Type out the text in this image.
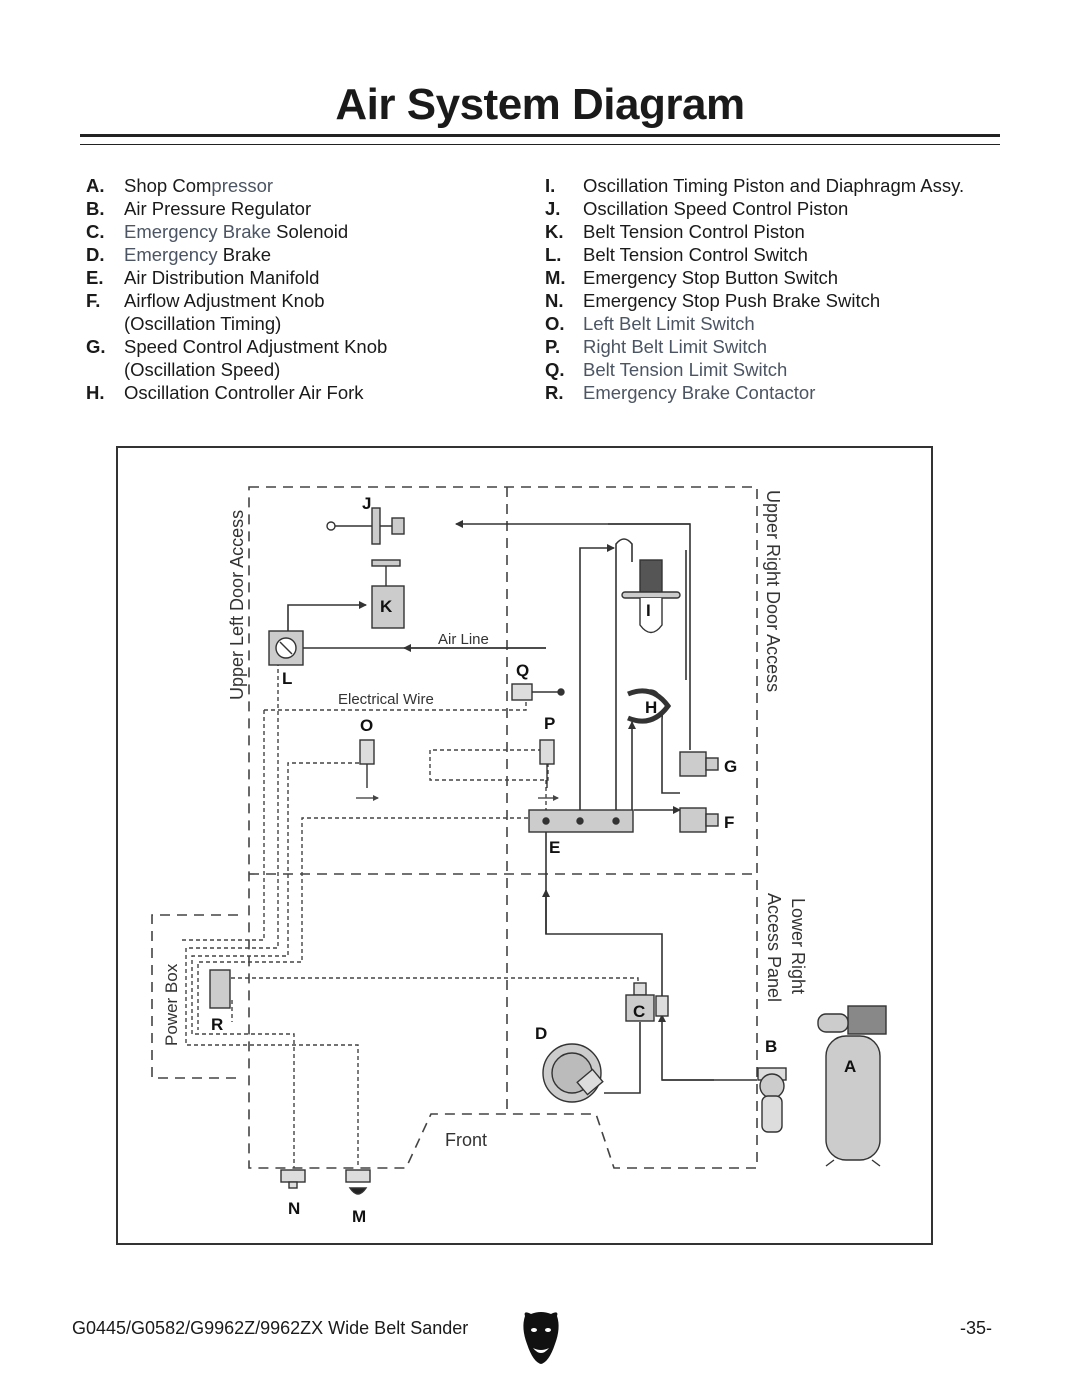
Air System Diagram
A.	Shop Compressor
B.	Air Pressure Regulator
C.	Emergency Brake Solenoid
D.	Emergency Brake
E.	Air Distribution Manifold
F.	Airflow Adjustment Knob
(Oscillation Timing)
G. Speed Control Adjustment Knob
(Oscillation Speed)
H.	Oscillation Controller Air Fork
I.	Oscillation Timing Piston and Diaphragm Assy.
J.	Oscillation Speed Control Piston
K.	Belt Tension Control Piston
L.	Belt Tension Control Switch
M. Emergency Stop Button Switch
N.	Emergency Stop Push Brake Switch
O. Left Belt Limit Switch
P.	Right Belt Limit Switch
Q. Belt Tension Limit Switch
R.	Emergency Brake Contactor
J
K
L	Q
O	P
I
H
G
F
E
C
D
B
A
R
N	M
Upper Left Door Access	Upper Right Door Access
Lower Right
Access Panel
Power Box
Air Line
Electrical Wire
Front
G0445/G0582/G9962Z/9962ZX Wide Belt Sander	-35-
